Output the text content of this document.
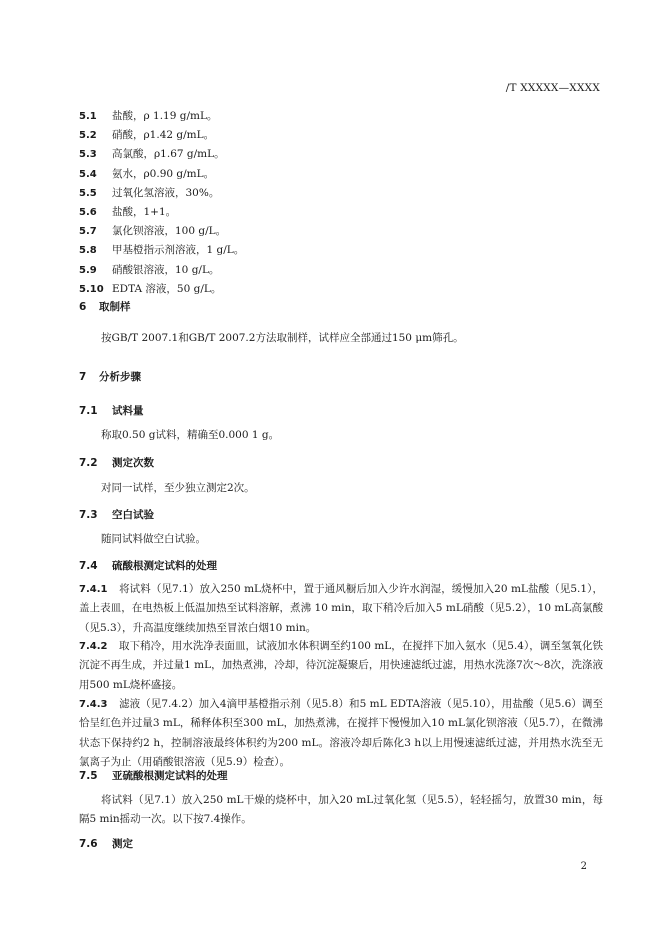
/T XXXXX—XXXX
5.1 盐酸，ρ 1.19 g/mL。
5.2 硝酸，ρ1.42 g/mL。
5.3 高氯酸，ρ1.67 g/mL。
5.4 氨水，ρ0.90 g/mL。
5.5 过氧化氢溶液，30%。
5.6 盐酸，1+1。
5.7 氯化钡溶液，100 g/L。
5.8 甲基橙指示剂溶液，1 g/L。
5.9 硝酸银溶液，10 g/L。
5.10 EDTA 溶液，50 g/L。
6 取制样
按GB/T 2007.1和GB/T 2007.2方法取制样，试样应全部通过150 μm筛孔。
7 分析步骤
7.1 试料量
称取0.50 g试料，精确至0.000 1 g。
7.2 测定次数
对同一试样，至少独立测定2次。
7.3 空白试验
随同试料做空白试验。
7.4 硫酸根测定试料的处理
7.4.1 将试料（见7.1）放入250 mL烧杯中，置于通风橱后加入少许水润湿，缓慢加入20 mL盐酸（见5.1），盖上表皿，在电热板上低温加热至试料溶解，煮沸 10 min，取下稍冷后加入5 mL硝酸（见5.2），10 mL高氯酸（见5.3），升高温度继续加热至冒浓白烟10 min。
7.4.2 取下稍冷，用水洗净表面皿，试液加水体积调至约100 mL，在搅拌下加入氨水（见5.4），调至氢氧化铁沉淀不再生成，并过量1 mL，加热煮沸，冷却，待沉淀凝聚后，用快速滤纸过滤，用热水洗涤7次～8次，洗涤液用500 mL烧杯盛接。
7.4.3 滤液（见7.4.2）加入4滴甲基橙指示剂（见5.8）和5 mL EDTA溶液（见5.10），用盐酸（见5.6）调至恰呈红色并过量3 mL，稀释体积至300 mL，加热煮沸，在搅拌下慢慢加入10 mL氯化钡溶液（见5.7），在微沸状态下保持约2 h，控制溶液最终体积约为200 mL。溶液冷却后陈化3 h以上用慢速滤纸过滤，并用热水洗至无氯离子为止（用硝酸银溶液（见5.9）检查）。
7.5 亚硫酸根测定试料的处理
将试料（见7.1）放入250 mL干燥的烧杯中，加入20 mL过氧化氢（见5.5），轻轻摇匀，放置30 min，每隔5 min摇动一次。以下按7.4操作。
7.6 测定
2
